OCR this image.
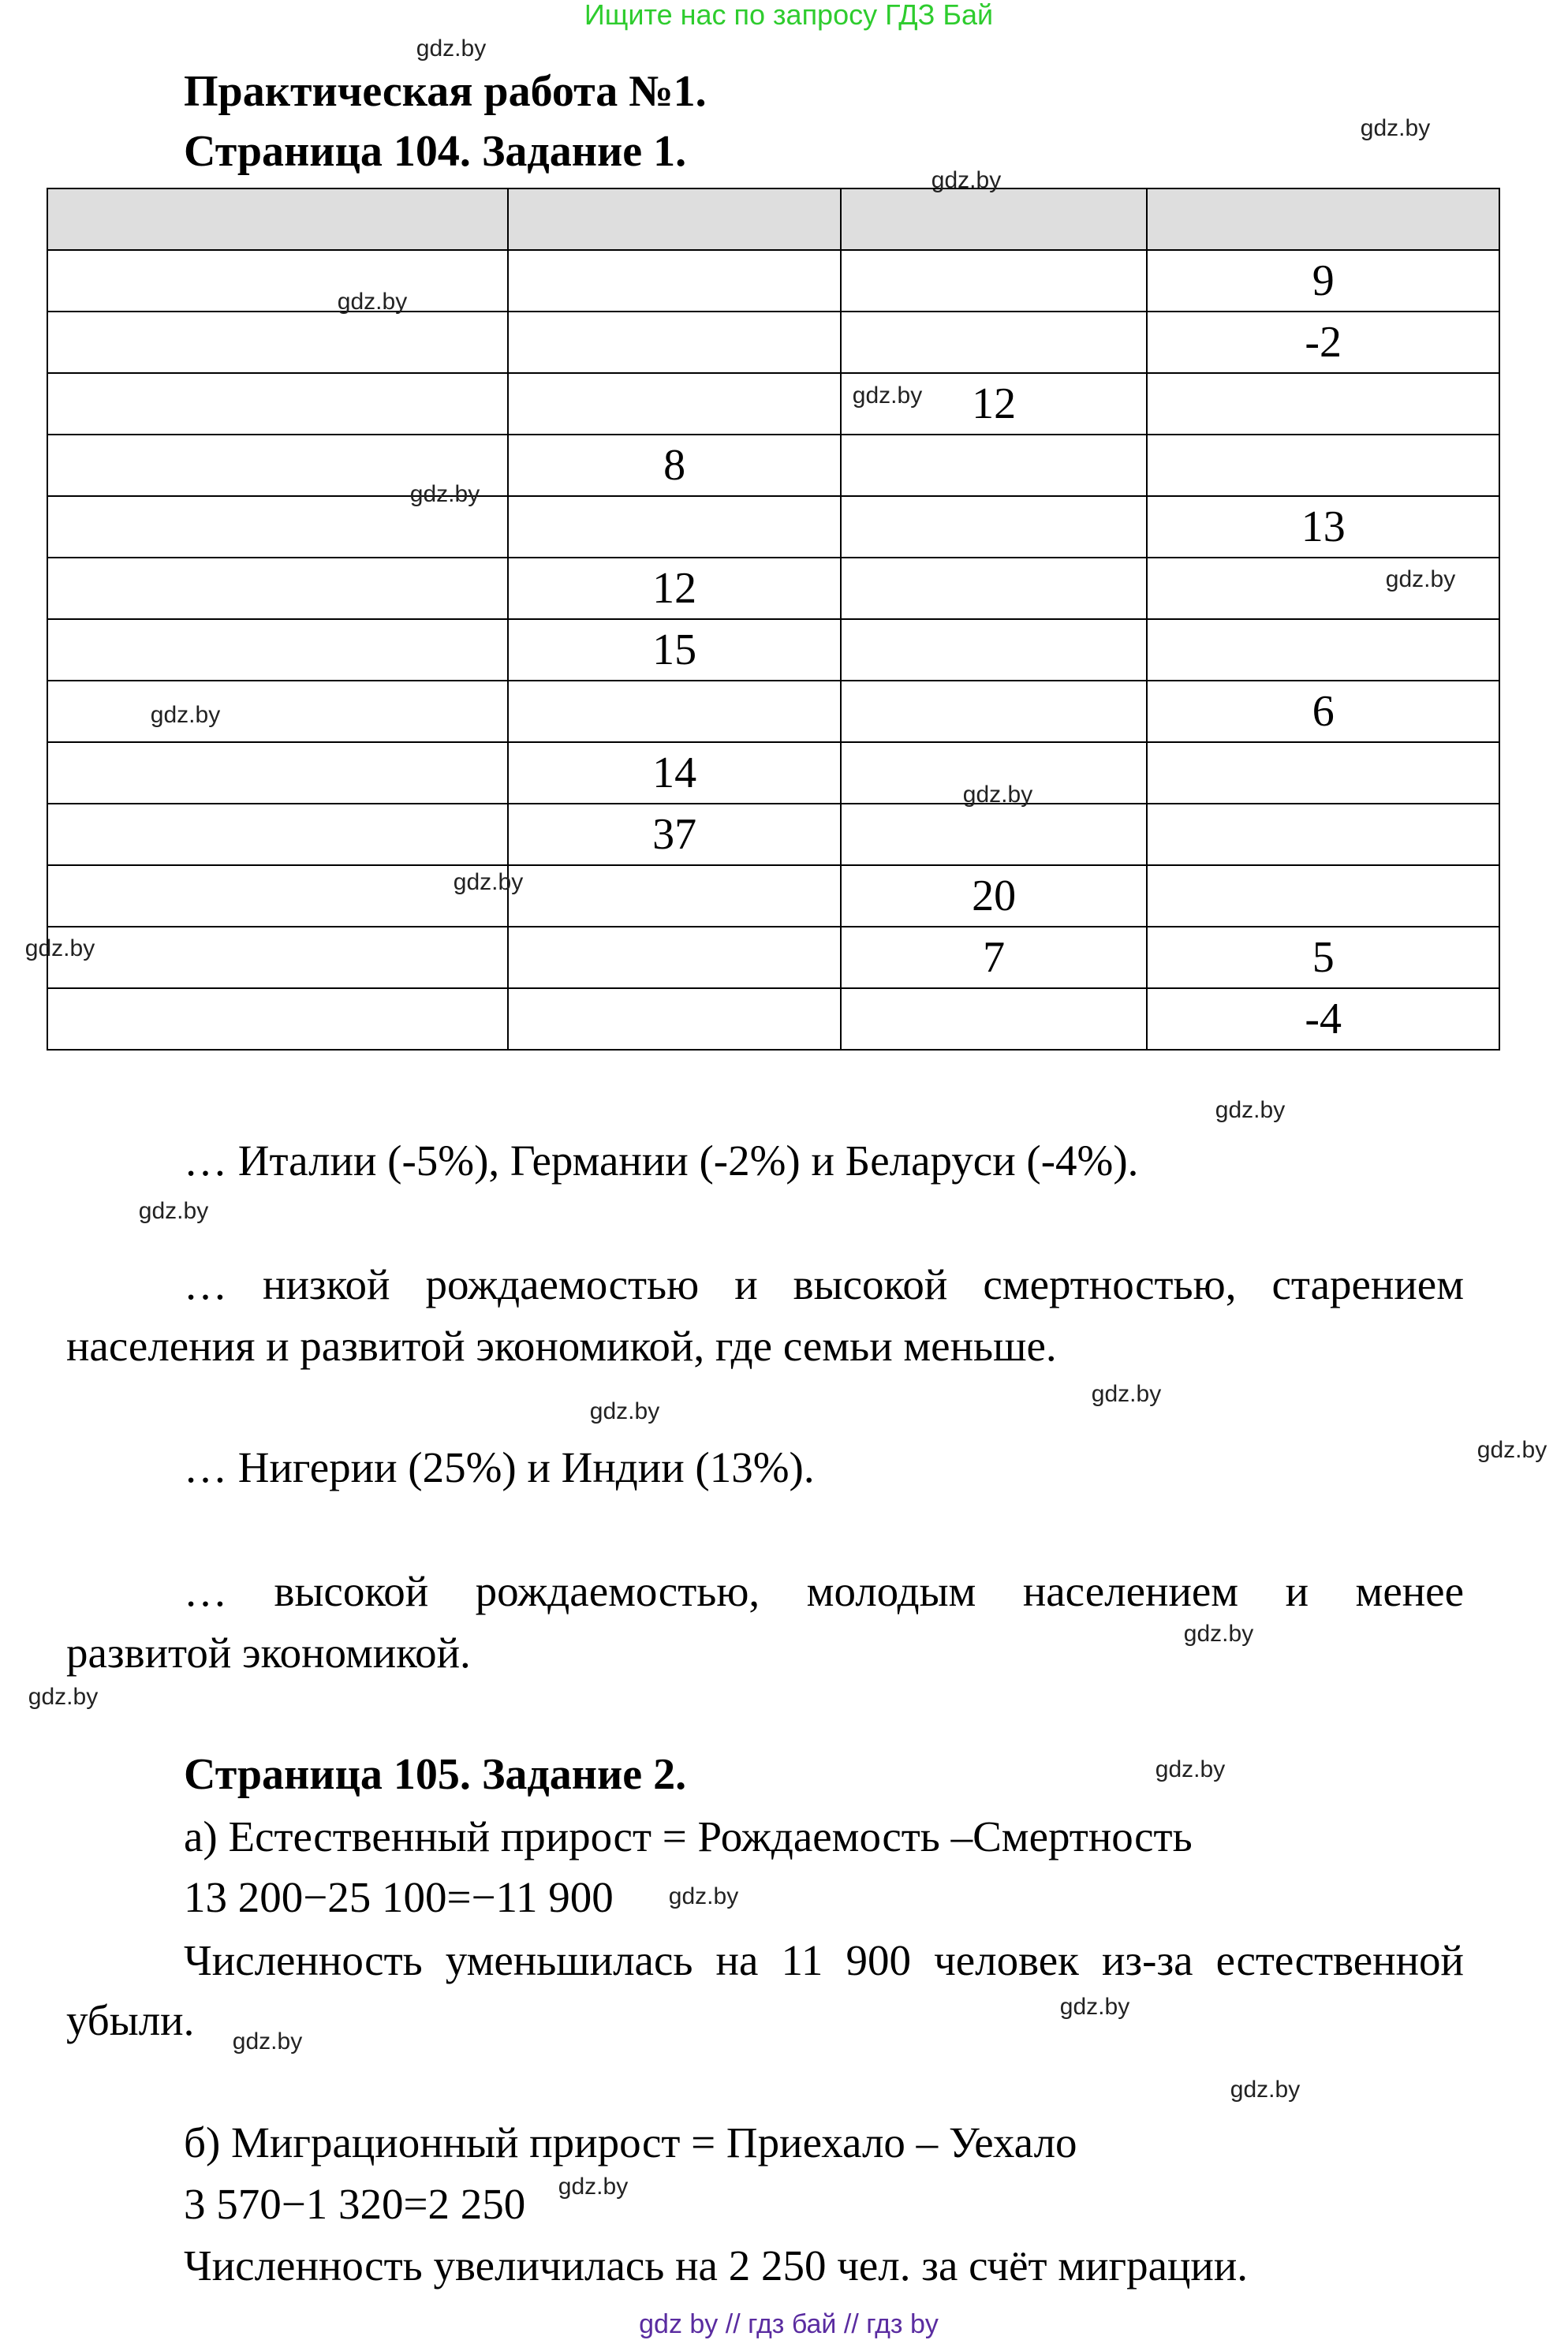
Ищите нас по запросу ГДЗ Бай
Практическая работа №1.
Страница 104. Задание 1.

			9
			-2
		12	
	8		
			13
	12		
	15		
			6
	14		
	37		
		20	
		7	5
			-4
… Италии (-5%), Германии (-2%) и Беларуси (-4%).
… низкой рождаемостью и высокой смертностью, старением
населения и развитой экономикой, где семьи меньше.
… Нигерии (25%) и Индии (13%).
… высокой рождаемостью, молодым населением и менее
развитой экономикой.
Страница 105. Задание 2.
а) Естественный прирост = Рождаемость –Смертность
13 200−25 100=−11 900
Численность уменьшилась на 11 900 человек из-за естественной
убыли.
б) Миграционный прирост = Приехало – Уехало
3 570−1 320=2 250
Численность увеличилась на 2 250 чел. за счёт миграции.
gdz by // гдз бай // гдз by
gdz.by
gdz.by
gdz.by
gdz.by
gdz.by
gdz.by
gdz.by
gdz.by
gdz.by
gdz.by
gdz.by
gdz.by
gdz.by
gdz.by
gdz.by
gdz.by
gdz.by
gdz.by
gdz.by
gdz.by
gdz.by
gdz.by
gdz.by
gdz.by
